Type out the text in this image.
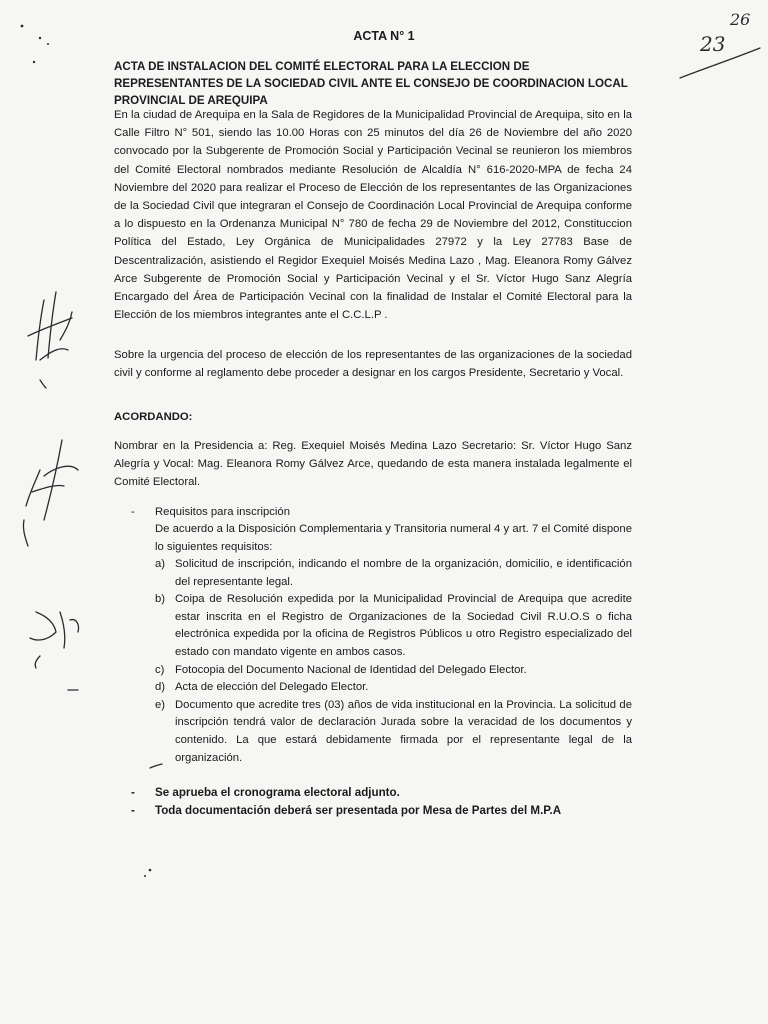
ACTA N° 1	23
26
ACTA DE INSTALACION DEL COMITÉ ELECTORAL PARA LA ELECCION DE REPRESENTANTES DE LA SOCIEDAD CIVIL ANTE EL CONSEJO DE COORDINACION LOCAL PROVINCIAL DE AREQUIPA
En la ciudad de Arequipa en la Sala de Regidores de la Municipalidad Provincial de Arequipa, sito en la Calle Filtro N° 501, siendo las 10.00 Horas con 25 minutos del día 26 de Noviembre del año 2020 convocado por la Subgerente de Promoción Social y Participación Vecinal se reunieron los miembros del Comité Electoral nombrados mediante Resolución de Alcaldía N° 616-2020-MPA de fecha 24 Noviembre del 2020 para realizar el Proceso de Elección de los representantes de las Organizaciones de la Sociedad Civil que integraran el Consejo de Coordinación Local Provincial de Arequipa conforme a lo dispuesto en la Ordenanza Municipal N° 780 de fecha 29 de Noviembre del 2012, Constituccion Política del Estado, Ley Orgánica de Municipalidades 27972 y la Ley 27783 Base de Descentralización, asistiendo el Regidor Exequiel Moisés Medina Lazo , Mag. Eleanora Romy Gálvez Arce Subgerente de Promoción Social y Participación Vecinal y el Sr. Víctor Hugo Sanz Alegría Encargado del Área de Participación Vecinal con la finalidad de Instalar el Comité Electoral para la Elección de los miembros integrantes ante el C.C.L.P .
Sobre la urgencia del proceso de elección de los representantes de las organizaciones de la sociedad civil y conforme al reglamento debe proceder a designar en los cargos Presidente, Secretario y Vocal.
ACORDANDO:
Nombrar en la Presidencia a: Reg. Exequiel Moisés Medina Lazo Secretario: Sr. Víctor Hugo Sanz Alegría y Vocal: Mag. Eleanora Romy Gálvez Arce, quedando de esta manera instalada legalmente el Comité Electoral.
-	Requisitos para inscripción
De acuerdo a la Disposición Complementaria y Transitoria numeral 4 y art. 7 el Comité dispone lo siguientes requisitos:
a) Solicitud de inscripción, indicando el nombre de la organización, domicilio, e identificación del representante legal.
b) Coipa de Resolución expedida por la Municipalidad Provincial de Arequipa que acredite estar inscrita en el Registro de Organizaciones de la Sociedad Civil R.U.O.S o ficha electrónica expedida por la oficina de Registros Públicos u otro Registro especializado del estado con mandato vigente en ambos casos.
c) Fotocopia del Documento Nacional de Identidad del Delegado Elector.
d) Acta de elección del Delegado Elector.
e) Documento que acredite tres (03) años de vida institucional en la Provincia. La solicitud de inscripción tendrá valor de declaración Jurada sobre la veracidad de los documentos y contenido. La que estará debidamente firmada por el representante legal de la organización.
-	Se aprueba el cronograma electoral adjunto.
-	Toda documentación deberá ser presentada por Mesa de Partes del M.P.A
